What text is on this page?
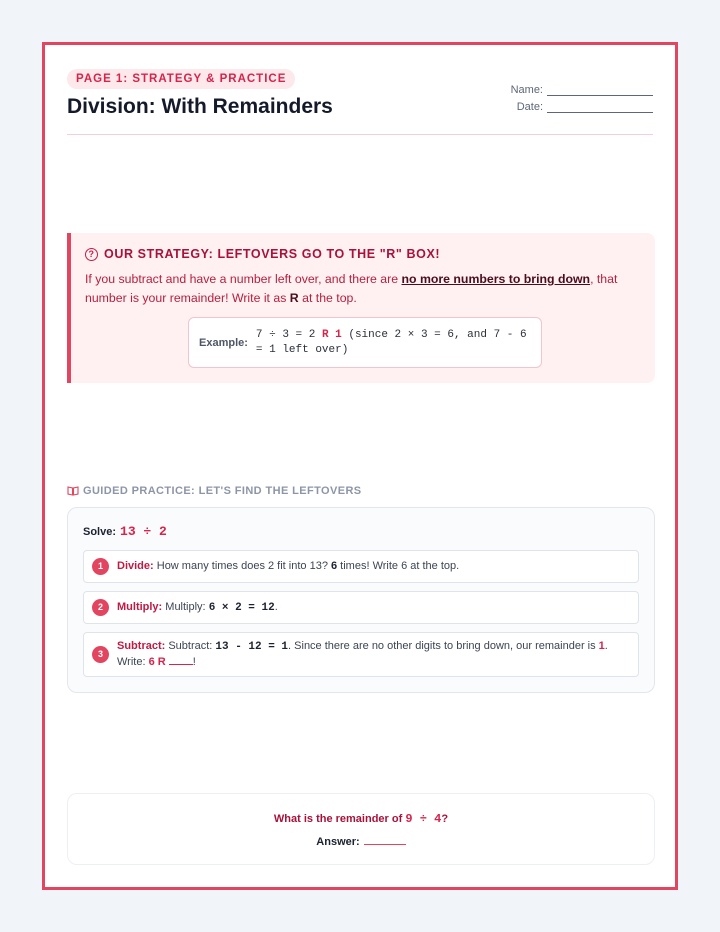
PAGE 1: STRATEGY & PRACTICE
Division: With Remainders
Name:
Date:
? OUR STRATEGY: LEFTOVERS GO TO THE "R" BOX!
If you subtract and have a number left over, and there are no more numbers to bring down, that number is your remainder! Write it as R at the top.
Example:
7 ÷ 3 = 2 R 1 (since 2 × 3 = 6, and 7 - 6 = 1 left over)
GUIDED PRACTICE: LET'S FIND THE LEFTOVERS
Solve: 13 ÷ 2
1	Divide: How many times does 2 fit into 13? 6 times! Write 6 at the top.
2	Multiply: Multiply: 6 × 2 = 12.
3
Subtract: Subtract: 13 - 12 = 1. Since there are no other digits to bring down, our remainder is 1.
Write: 6 R !
What is the remainder of 9 ÷ 4?
Answer:
